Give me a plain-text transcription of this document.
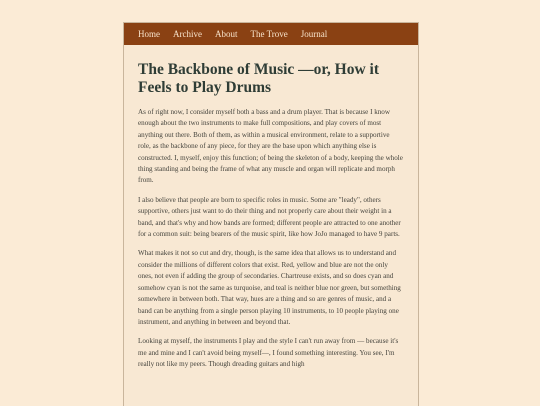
Home Archive About The Trove Journal
The Backbone of Music —or, How it Feels to Play Drums

As of right now, I consider myself both a bass and a drum player. That is because I know enough about the two instruments to make full compositions, and play covers of most anything out there. Both of them, as within a musical environment, relate to a supportive role, as the backbone of any piece, for they are the base upon which anything else is constructed. I, myself, enjoy this function; of being the skeleton of a body, keeping the whole thing standing and being the frame of what any muscle and organ will replicate and morph from.

I also believe that people are born to specific roles in music. Some are "leady", others supportive, others just want to do their thing and not properly care about their weight in a band, and that's why and how bands are formed; different people are attracted to one another for a common suit: being bearers of the music spirit, like how JoJo managed to have 9 parts.

What makes it not so cut and dry, though, is the same idea that allows us to understand and consider the millions of different colors that exist. Red, yellow and blue are not the only ones, not even if adding the group of secondaries. Chartreuse exists, and so does cyan and somehow cyan is not the same as turquoise, and teal is neither blue nor green, but something somewhere in between both. That way, hues are a thing and so are genres of music, and a band can be anything from a single person playing 10 instruments, to 10 people playing one instrument, and anything in between and beyond that.

Looking at myself, the instruments I play and the style I can't run away from — because it's me and mine and I can't avoid being myself—, I found something interesting. You see, I'm really not like my peers. Though dreading guitars and high
